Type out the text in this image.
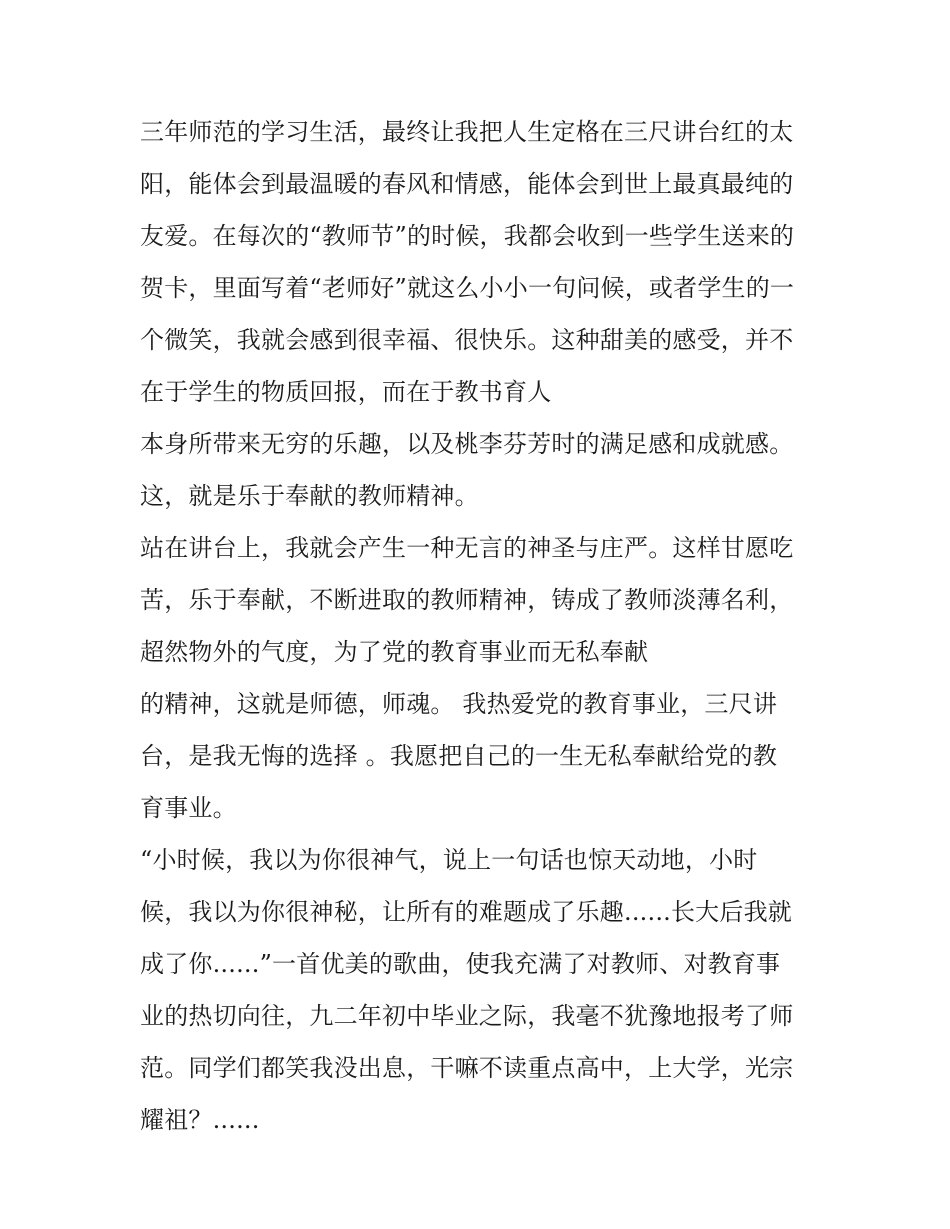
三年师范的学习生活，最终让我把人生定格在三尺讲台红的太
阳，能体会到最温暖的春风和情感，能体会到世上最真最纯的
友爱。在每次的“教师节”的时候，我都会收到一些学生送来的
贺卡，里面写着“老师好”就这么小小一句问候，或者学生的一
个微笑，我就会感到很幸福、很快乐。这种甜美的感受，并不
在于学生的物质回报，而在于教书育人
本身所带来无穷的乐趣，以及桃李芬芳时的满足感和成就感。
这，就是乐于奉献的教师精神。
站在讲台上，我就会产生一种无言的神圣与庄严。这样甘愿吃
苦，乐于奉献，不断进取的教师精神，铸成了教师淡薄名利，
超然物外的气度，为了党的教育事业而无私奉献
的精神，这就是师德，师魂。 我热爱党的教育事业，三尺讲
台，是我无悔的选择 。我愿把自己的一生无私奉献给党的教
育事业。
“小时候，我以为你很神气，说上一句话也惊天动地，小时
候，我以为你很神秘，让所有的难题成了乐趣......长大后我就
成了你......”一首优美的歌曲，使我充满了对教师、对教育事
业的热切向往，九二年初中毕业之际，我毫不犹豫地报考了师
范。同学们都笑我没出息，干嘛不读重点高中，上大学，光宗
耀祖？......
